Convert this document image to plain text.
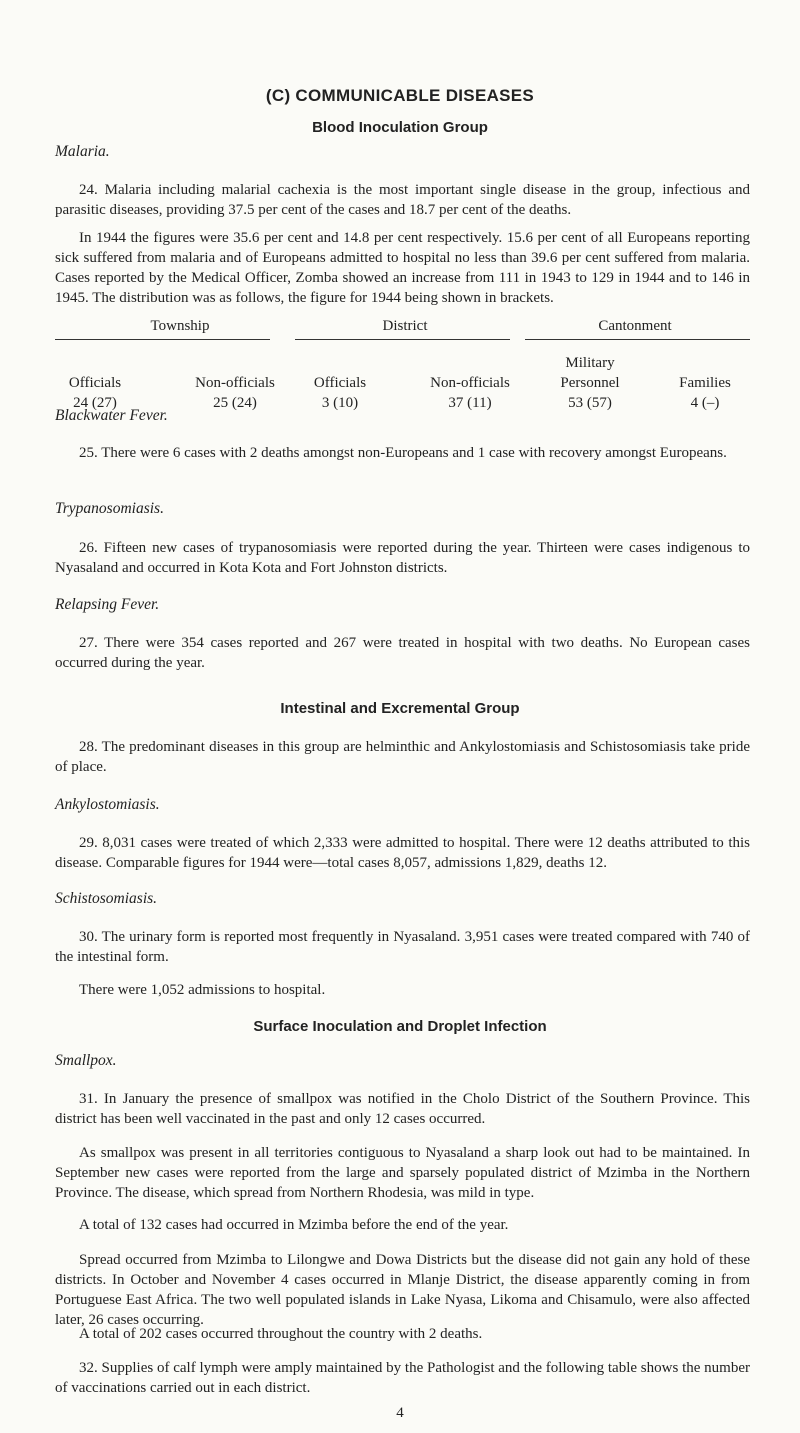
(C) COMMUNICABLE DISEASES
Blood Inoculation Group

Malaria.

24. Malaria including malarial cachexia is the most important single disease in the group, infectious and parasitic diseases, providing 37.5 per cent of the cases and 18.7 per cent of the deaths.

In 1944 the figures were 35.6 per cent and 14.8 per cent respectively. 15.6 per cent of all Europeans reporting sick suffered from malaria and of Europeans admitted to hospital no less than 39.6 per cent suffered from malaria. Cases reported by the Medical Officer, Zomba showed an increase from 111 in 1943 to 129 in 1944 and to 146 in 1945. The distribution was as follows, the figure for 1944 being shown in brackets.

Township	District	Cantonment
Military
Officials	Non-officials	Officials	Non-officials	Personnel	Families
24 (27)	25 (24)	3 (10)	37 (11)	53 (57)	4 (–)

Blackwater Fever.

25. There were 6 cases with 2 deaths amongst non-Europeans and 1 case with recovery amongst Europeans.

Trypanosomiasis.

26. Fifteen new cases of trypanosomiasis were reported during the year. Thirteen were cases indigenous to Nyasaland and occurred in Kota Kota and Fort Johnston districts.

Relapsing Fever.

27. There were 354 cases reported and 267 were treated in hospital with two deaths. No European cases occurred during the year.

Intestinal and Excremental Group

28. The predominant diseases in this group are helminthic and Ankylostomiasis and Schistosomiasis take pride of place.

Ankylostomiasis.

29. 8,031 cases were treated of which 2,333 were admitted to hospital. There were 12 deaths attributed to this disease. Comparable figures for 1944 were—total cases 8,057, admissions 1,829, deaths 12.

Schistosomiasis.

30. The urinary form is reported most frequently in Nyasaland. 3,951 cases were treated compared with 740 of the intestinal form.

There were 1,052 admissions to hospital.

Surface Inoculation and Droplet Infection

Smallpox.

31. In January the presence of smallpox was notified in the Cholo District of the Southern Province. This district has been well vaccinated in the past and only 12 cases occurred.

As smallpox was present in all territories contiguous to Nyasaland a sharp look out had to be maintained. In September new cases were reported from the large and sparsely populated district of Mzimba in the Northern Province. The disease, which spread from Northern Rhodesia, was mild in type.

A total of 132 cases had occurred in Mzimba before the end of the year.

Spread occurred from Mzimba to Lilongwe and Dowa Districts but the disease did not gain any hold of these districts. In October and November 4 cases occurred in Mlanje District, the disease apparently coming in from Portuguese East Africa. The two well populated islands in Lake Nyasa, Likoma and Chisamulo, were also affected later, 26 cases occurring.

A total of 202 cases occurred throughout the country with 2 deaths.

32. Supplies of calf lymph were amply maintained by the Pathologist and the following table shows the number of vaccinations carried out in each district.

4
